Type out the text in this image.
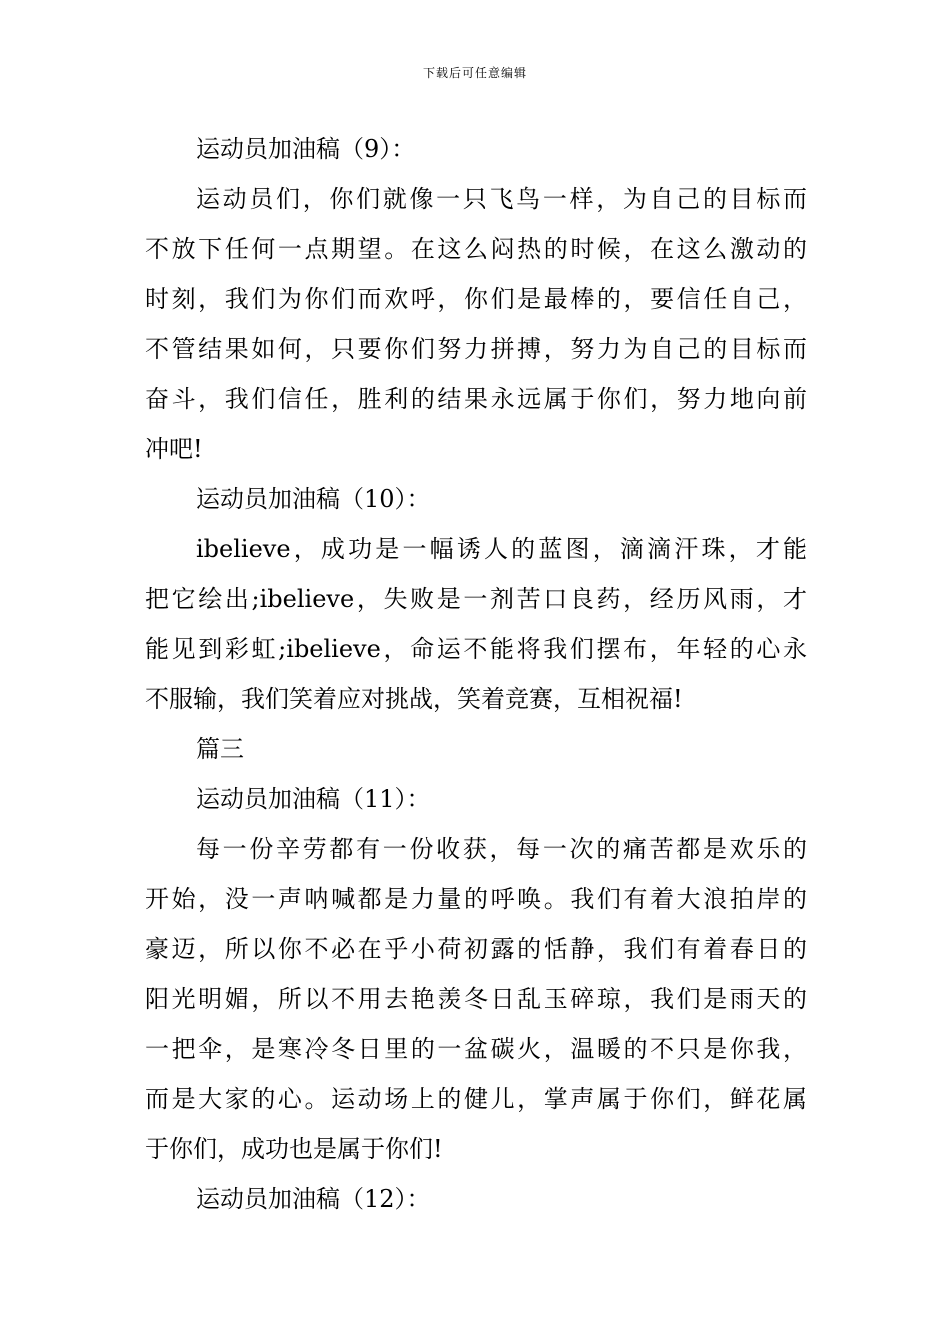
下载后可任意编辑
运动员加油稿（9）：
运动员们，你们就像一只飞鸟一样，为自己的目标而
不放下任何一点期望。在这么闷热的时候，在这么激动的
时刻，我们为你们而欢呼，你们是最棒的，要信任自己，
不管结果如何，只要你们努力拼搏，努力为自己的目标而
奋斗，我们信任，胜利的结果永远属于你们，努力地向前
冲吧!
运动员加油稿（10）：
ibelieve，成功是一幅诱人的蓝图，滴滴汗珠，才能
把它绘出;ibelieve，失败是一剂苦口良药，经历风雨，才
能见到彩虹;ibelieve，命运不能将我们摆布，年轻的心永
不服输，我们笑着应对挑战，笑着竞赛，互相祝福!
篇三
运动员加油稿（11）：
每一份辛劳都有一份收获，每一次的痛苦都是欢乐的
开始，没一声呐喊都是力量的呼唤。我们有着大浪拍岸的
豪迈，所以你不必在乎小荷初露的恬静，我们有着春日的
阳光明媚，所以不用去艳羡冬日乱玉碎琼，我们是雨天的
一把伞，是寒冷冬日里的一盆碳火，温暖的不只是你我，
而是大家的心。运动场上的健儿，掌声属于你们，鲜花属
于你们，成功也是属于你们!
运动员加油稿（12）：
